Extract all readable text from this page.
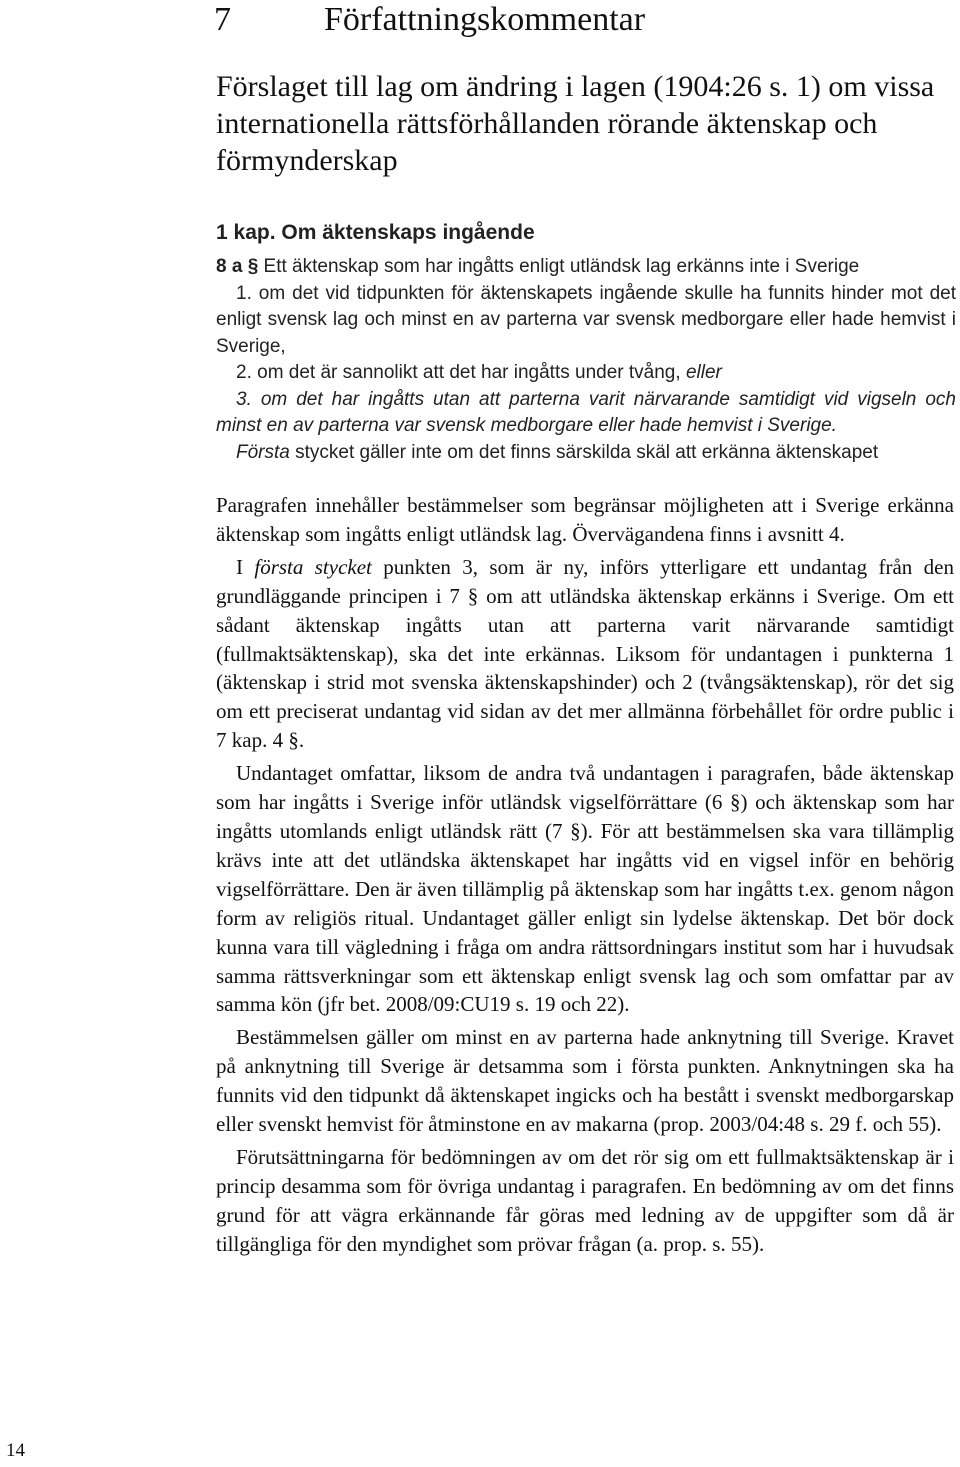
7	Författningskommentar
Förslaget till lag om ändring i lagen (1904:26 s. 1) om vissa internationella rättsförhållanden rörande äktenskap och förmynderskap

1 kap. Om äktenskaps ingående

8 a § Ett äktenskap som har ingåtts enligt utländsk lag erkänns inte i Sverige

1. om det vid tidpunkten för äktenskapets ingående skulle ha funnits hinder mot det enligt svensk lag och minst en av parterna var svensk medborgare eller hade hemvist i Sverige,

2. om det är sannolikt att det har ingåtts under tvång, eller

3. om det har ingåtts utan att parterna varit närvarande samtidigt vid vigseln och minst en av parterna var svensk medborgare eller hade hemvist i Sverige.

Första stycket gäller inte om det finns särskilda skäl att erkänna äktenskapet

Paragrafen innehåller bestämmelser som begränsar möjligheten att i Sverige erkänna äktenskap som ingåtts enligt utländsk lag. Övervägandena finns i avsnitt 4.

I första stycket punkten 3, som är ny, införs ytterligare ett undantag från den grundläggande principen i 7 § om att utländska äktenskap erkänns i Sverige. Om ett sådant äktenskap ingåtts utan att parterna varit närvarande samtidigt (fullmaktsäktenskap), ska det inte erkännas. Liksom för undantagen i punkterna 1 (äktenskap i strid mot svenska äktenskapshinder) och 2 (tvångsäktenskap), rör det sig om ett preciserat undantag vid sidan av det mer allmänna förbehållet för ordre public i 7 kap. 4 §.

Undantaget omfattar, liksom de andra två undantagen i paragrafen, både äktenskap som har ingåtts i Sverige inför utländsk vigselförrättare (6 §) och äktenskap som har ingåtts utomlands enligt utländsk rätt (7 §). För att bestämmelsen ska vara tillämplig krävs inte att det utländska äktenskapet har ingåtts vid en vigsel inför en behörig vigselförrättare. Den är även tillämplig på äktenskap som har ingåtts t.ex. genom någon form av religiös ritual. Undantaget gäller enligt sin lydelse äktenskap. Det bör dock kunna vara till vägledning i fråga om andra rättsordningars institut som har i huvudsak samma rättsverkningar som ett äktenskap enligt svensk lag och som omfattar par av samma kön (jfr bet. 2008/09:CU19 s. 19 och 22).

Bestämmelsen gäller om minst en av parterna hade anknytning till Sverige. Kravet på anknytning till Sverige är detsamma som i första punkten. Anknytningen ska ha funnits vid den tidpunkt då äktenskapet ingicks och ha bestått i svenskt medborgarskap eller svenskt hemvist för åtminstone en av makarna (prop. 2003/04:48 s. 29 f. och 55).

Förutsättningarna för bedömningen av om det rör sig om ett fullmaktsäktenskap är i princip desamma som för övriga undantag i paragrafen. En bedömning av om det finns grund för att vägra erkännande får göras med ledning av de uppgifter som då är tillgängliga för den myndighet som prövar frågan (a. prop. s. 55).

14
